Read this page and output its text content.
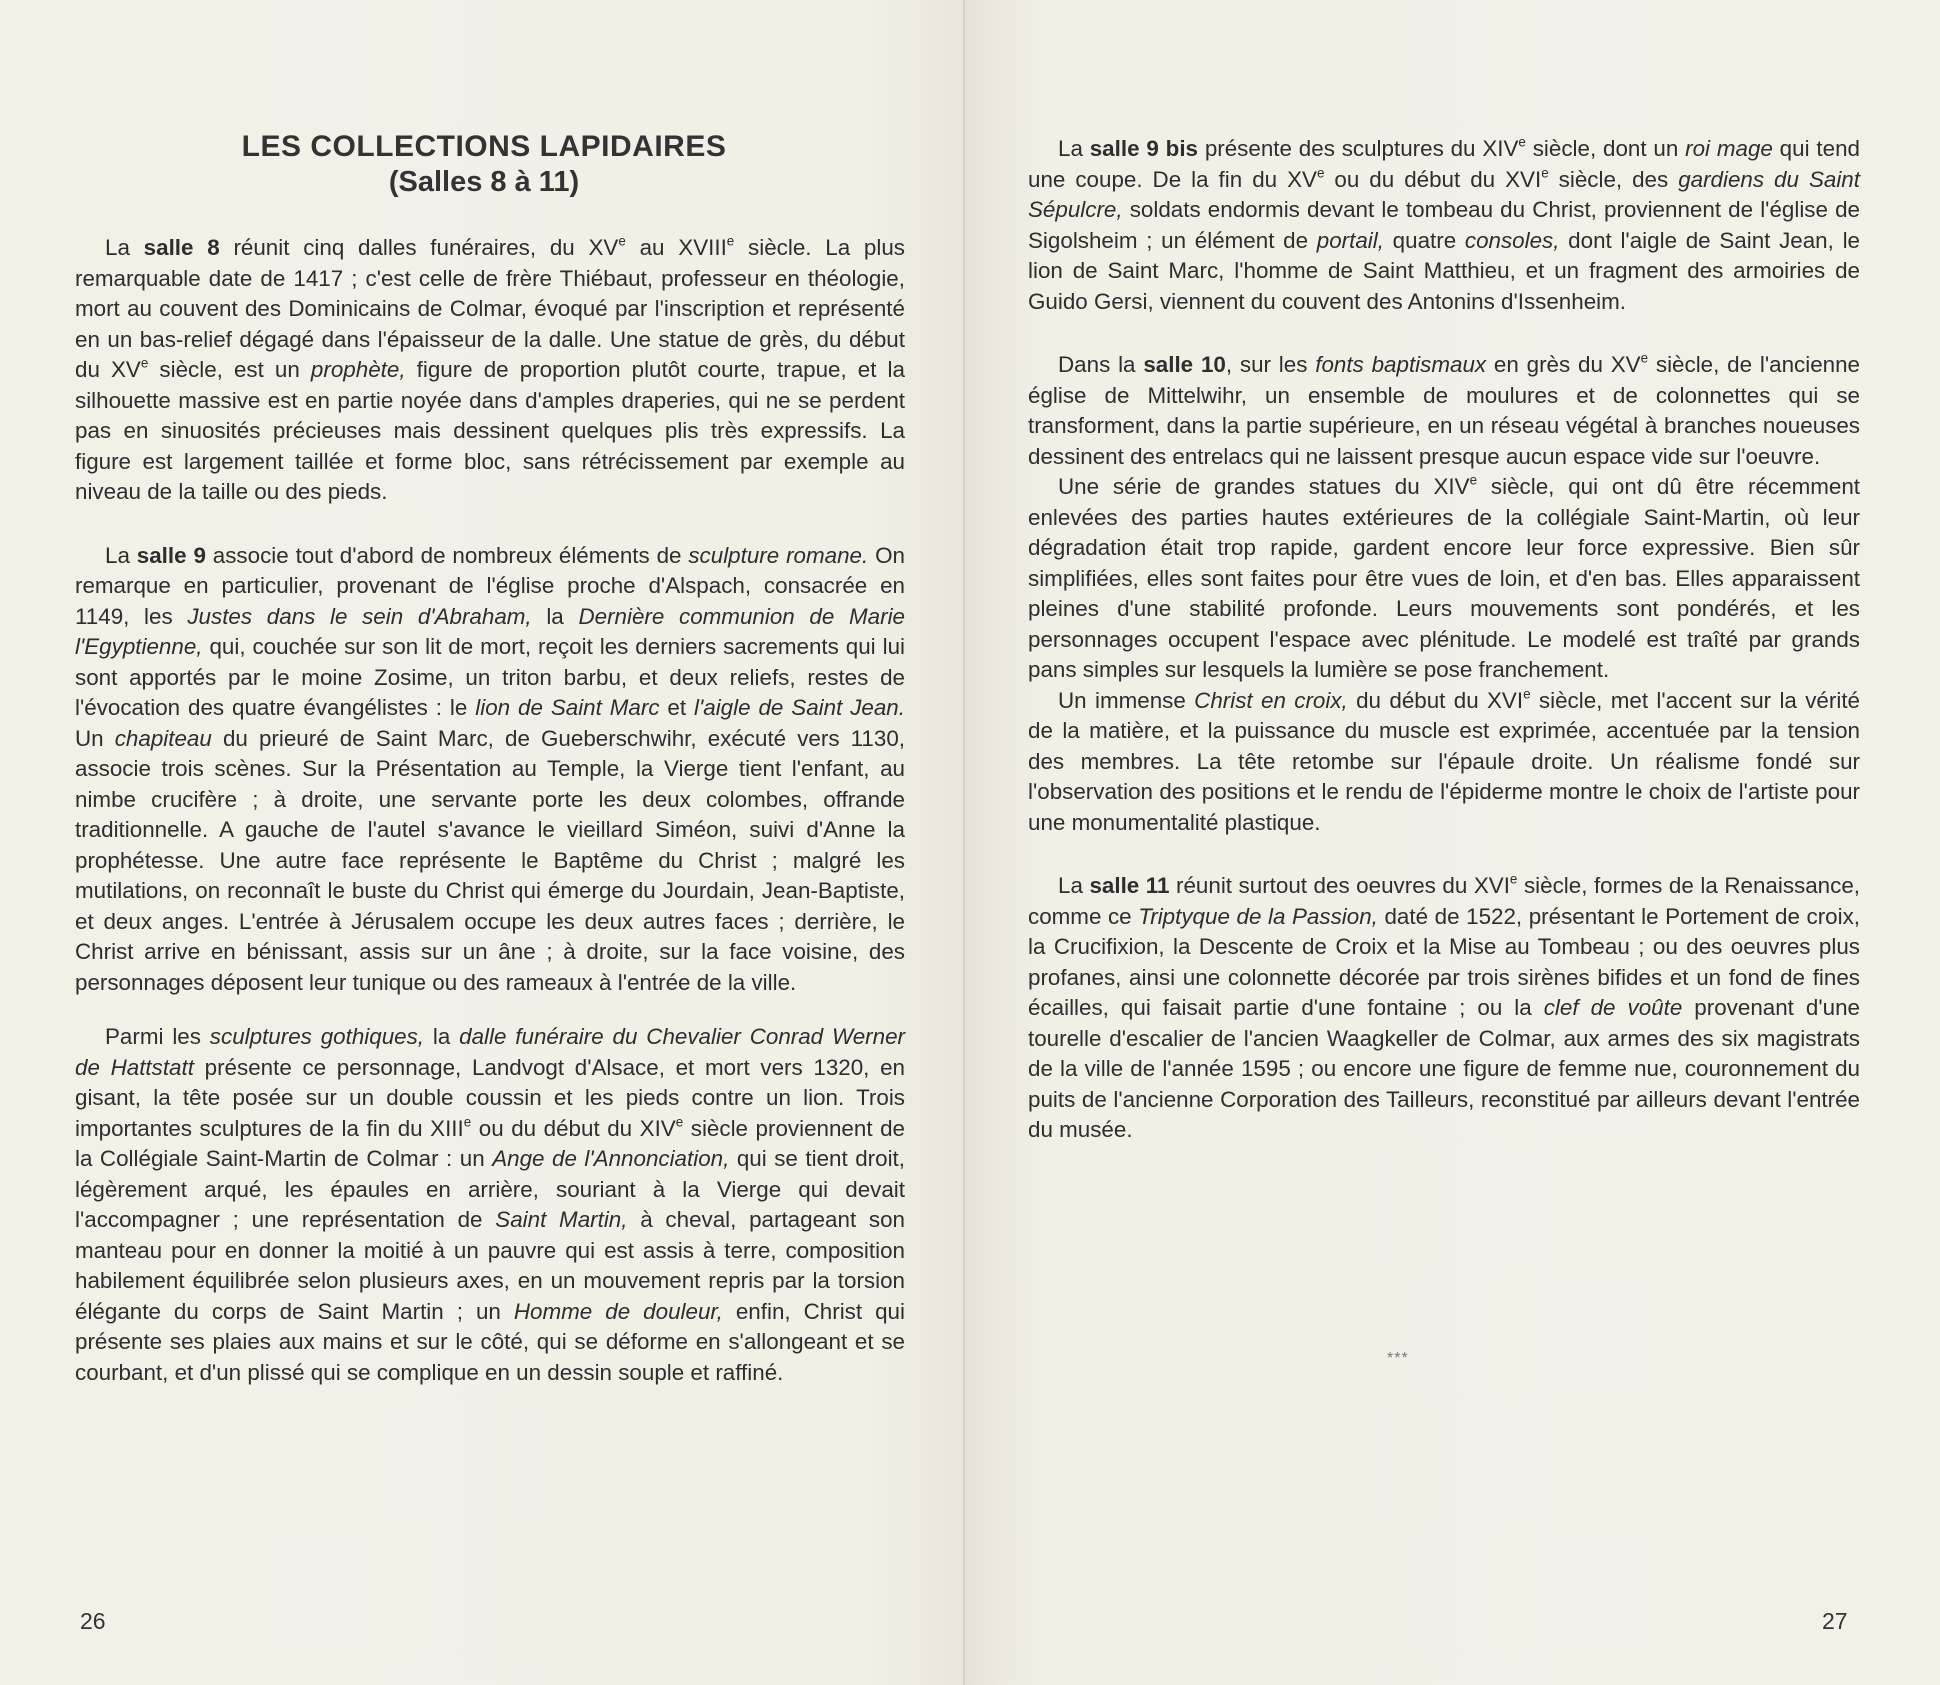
LES COLLECTIONS LAPIDAIRES
(Salles 8 à 11)

La salle 8 réunit cinq dalles funéraires, du XVe au XVIIIe siècle. La plus remarquable date de 1417 ; c'est celle de frère Thiébaut, professeur en théologie, mort au couvent des Dominicains de Colmar, évoqué par l'inscription et représenté en un bas-relief dégagé dans l'épaisseur de la dalle. Une statue de grès, du début du XVe siècle, est un prophète, figure de proportion plutôt courte, trapue, et la silhouette massive est en partie noyée dans d'amples draperies, qui ne se perdent pas en sinuosités précieuses mais dessinent quelques plis très expressifs. La figure est largement taillée et forme bloc, sans rétrécissement par exemple au niveau de la taille ou des pieds.

La salle 9 associe tout d'abord de nombreux éléments de sculpture romane. On remarque en particulier, provenant de l'église proche d'Alspach, consacrée en 1149, les Justes dans le sein d'Abraham, la Dernière communion de Marie l'Egyptienne, qui, couchée sur son lit de mort, reçoit les derniers sacrements qui lui sont apportés par le moine Zosime, un triton barbu, et deux reliefs, restes de l'évocation des quatre évangélistes : le lion de Saint Marc et l'aigle de Saint Jean. Un chapiteau du prieuré de Saint Marc, de Gueberschwihr, exécuté vers 1130, associe trois scènes. Sur la Présentation au Temple, la Vierge tient l'enfant, au nimbe crucifère ; à droite, une servante porte les deux colombes, offrande traditionnelle. A gauche de l'autel s'avance le vieillard Siméon, suivi d'Anne la prophétesse. Une autre face représente le Baptême du Christ ; malgré les mutilations, on reconnaît le buste du Christ qui émerge du Jourdain, Jean-Baptiste, et deux anges. L'entrée à Jérusalem occupe les deux autres faces ; derrière, le Christ arrive en bénissant, assis sur un âne ; à droite, sur la face voisine, des personnages déposent leur tunique ou des rameaux à l'entrée de la ville.

Parmi les sculptures gothiques, la dalle funéraire du Chevalier Conrad Werner de Hattstatt présente ce personnage, Landvogt d'Alsace, et mort vers 1320, en gisant, la tête posée sur un double coussin et les pieds contre un lion. Trois importantes sculptures de la fin du XIIIe ou du début du XIVe siècle proviennent de la Collégiale Saint-Martin de Colmar : un Ange de l'Annonciation, qui se tient droit, légèrement arqué, les épaules en arrière, souriant à la Vierge qui devait l'accompagner ; une représentation de Saint Martin, à cheval, partageant son manteau pour en donner la moitié à un pauvre qui est assis à terre, composition habilement équilibrée selon plusieurs axes, en un mouvement repris par la torsion élégante du corps de Saint Martin ; un Homme de douleur, enfin, Christ qui présente ses plaies aux mains et sur le côté, qui se déforme en s'allongeant et se courbant, et d'un plissé qui se complique en un dessin souple et raffiné.

26

La salle 9 bis présente des sculptures du XIVe siècle, dont un roi mage qui tend une coupe. De la fin du XVe ou du début du XVIe siècle, des gardiens du Saint Sépulcre, soldats endormis devant le tombeau du Christ, proviennent de l'église de Sigolsheim ; un élément de portail, quatre consoles, dont l'aigle de Saint Jean, le lion de Saint Marc, l'homme de Saint Matthieu, et un fragment des armoiries de Guido Gersi, viennent du couvent des Antonins d'Issenheim.

Dans la salle 10, sur les fonts baptismaux en grès du XVe siècle, de l'ancienne église de Mittelwihr, un ensemble de moulures et de colonnettes qui se transforment, dans la partie supérieure, en un réseau végétal à branches noueuses dessinent des entrelacs qui ne laissent presque aucun espace vide sur l'oeuvre.

Une série de grandes statues du XIVe siècle, qui ont dû être récemment enlevées des parties hautes extérieures de la collégiale Saint-Martin, où leur dégradation était trop rapide, gardent encore leur force expressive. Bien sûr simplifiées, elles sont faites pour être vues de loin, et d'en bas. Elles apparaissent pleines d'une stabilité profonde. Leurs mouvements sont pondérés, et les personnages occupent l'espace avec plénitude. Le modelé est traîté par grands pans simples sur lesquels la lumière se pose franchement.

Un immense Christ en croix, du début du XVIe siècle, met l'accent sur la vérité de la matière, et la puissance du muscle est exprimée, accentuée par la tension des membres. La tête retombe sur l'épaule droite. Un réalisme fondé sur l'observation des positions et le rendu de l'épiderme montre le choix de l'artiste pour une monumentalité plastique.

La salle 11 réunit surtout des oeuvres du XVIe siècle, formes de la Renaissance, comme ce Triptyque de la Passion, daté de 1522, présentant le Portement de croix, la Crucifixion, la Descente de Croix et la Mise au Tombeau ; ou des oeuvres plus profanes, ainsi une colonnette décorée par trois sirènes bifides et un fond de fines écailles, qui faisait partie d'une fontaine ; ou la clef de voûte provenant d'une tourelle d'escalier de l'ancien Waagkeller de Colmar, aux armes des six magistrats de la ville de l'année 1595 ; ou encore une figure de femme nue, couronnement du puits de l'ancienne Corporation des Tailleurs, reconstitué par ailleurs devant l'entrée du musée.

***
27
